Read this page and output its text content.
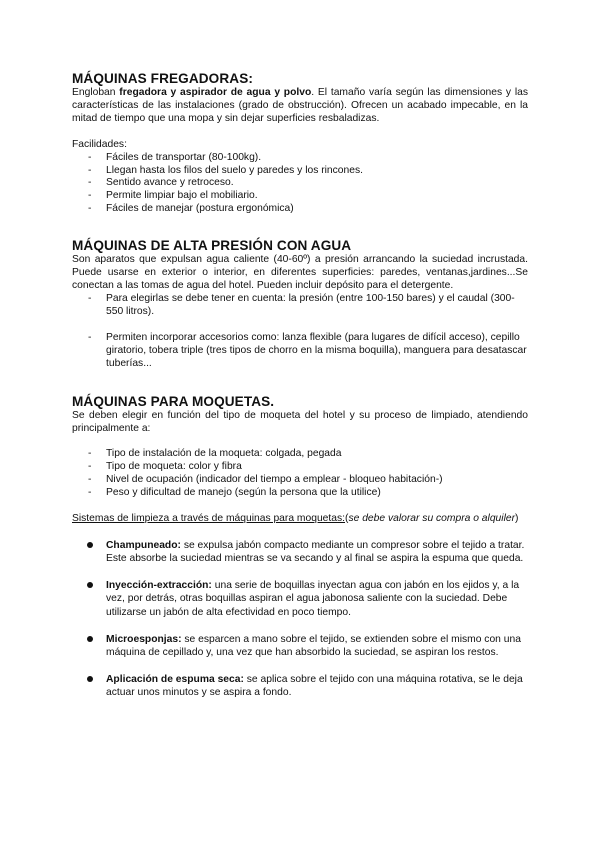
MÁQUINAS FREGADORAS:

Engloban fregadora y aspirador de agua y polvo. El tamaño varía según las dimensiones y las características de las instalaciones (grado de obstrucción). Ofrecen un acabado impecable, en la mitad de tiempo que una mopa y sin dejar superficies resbaladizas.

Facilidades:

- Fáciles de transportar (80-100kg).
- Llegan hasta los filos del suelo y paredes y los rincones.
- Sentido avance y retroceso.
- Permite limpiar bajo el mobiliario.
- Fáciles de manejar (postura ergonómica)
MÁQUINAS DE ALTA PRESIÓN CON AGUA

Son aparatos que expulsan agua caliente (40-60º) a presión arrancando la suciedad incrustada. Puede usarse en exterior o interior, en diferentes superficies: paredes, ventanas,jardines...Se conectan a las tomas de agua del hotel. Pueden incluir depósito para el detergente.

- Para elegirlas se debe tener en cuenta: la presión (entre 100-150 bares) y el caudal (300-550 litros).
- Permiten incorporar accesorios como: lanza flexible (para lugares de difícil acceso), cepillo giratorio, tobera triple (tres tipos de chorro en la misma boquilla), manguera para desatascar tuberías...
MÁQUINAS PARA MOQUETAS.

Se deben elegir en función del tipo de moqueta del hotel y su proceso de limpiado, atendiendo principalmente a:

- Tipo de instalación de la moqueta: colgada, pegada
- Tipo de moqueta: color y fibra
- Nivel de ocupación (indicador del tiempo a emplear - bloqueo habitación-)
- Peso y dificultad de manejo (según la persona que la utilice)

Sistemas de limpieza a través de máquinas para moquetas:(se debe valorar su compra o alquiler)

Champuneado: se expulsa jabón compacto mediante un compresor sobre el tejido a tratar. Este absorbe la suciedad mientras se va secando y al final se aspira la espuma que queda.
Inyección-extracción: una serie de boquillas inyectan agua con jabón en los ejidos y, a la vez, por detrás, otras boquillas aspiran el agua jabonosa saliente con la suciedad. Debe utilizarse un jabón de alta efectividad en poco tiempo.
Microesponjas: se esparcen a mano sobre el tejido, se extienden sobre el mismo con una máquina de cepillado y, una vez que han absorbido la suciedad, se aspiran los restos.
Aplicación de espuma seca: se aplica sobre el tejido con una máquina rotativa, se le deja actuar unos minutos y se aspira a fondo.
